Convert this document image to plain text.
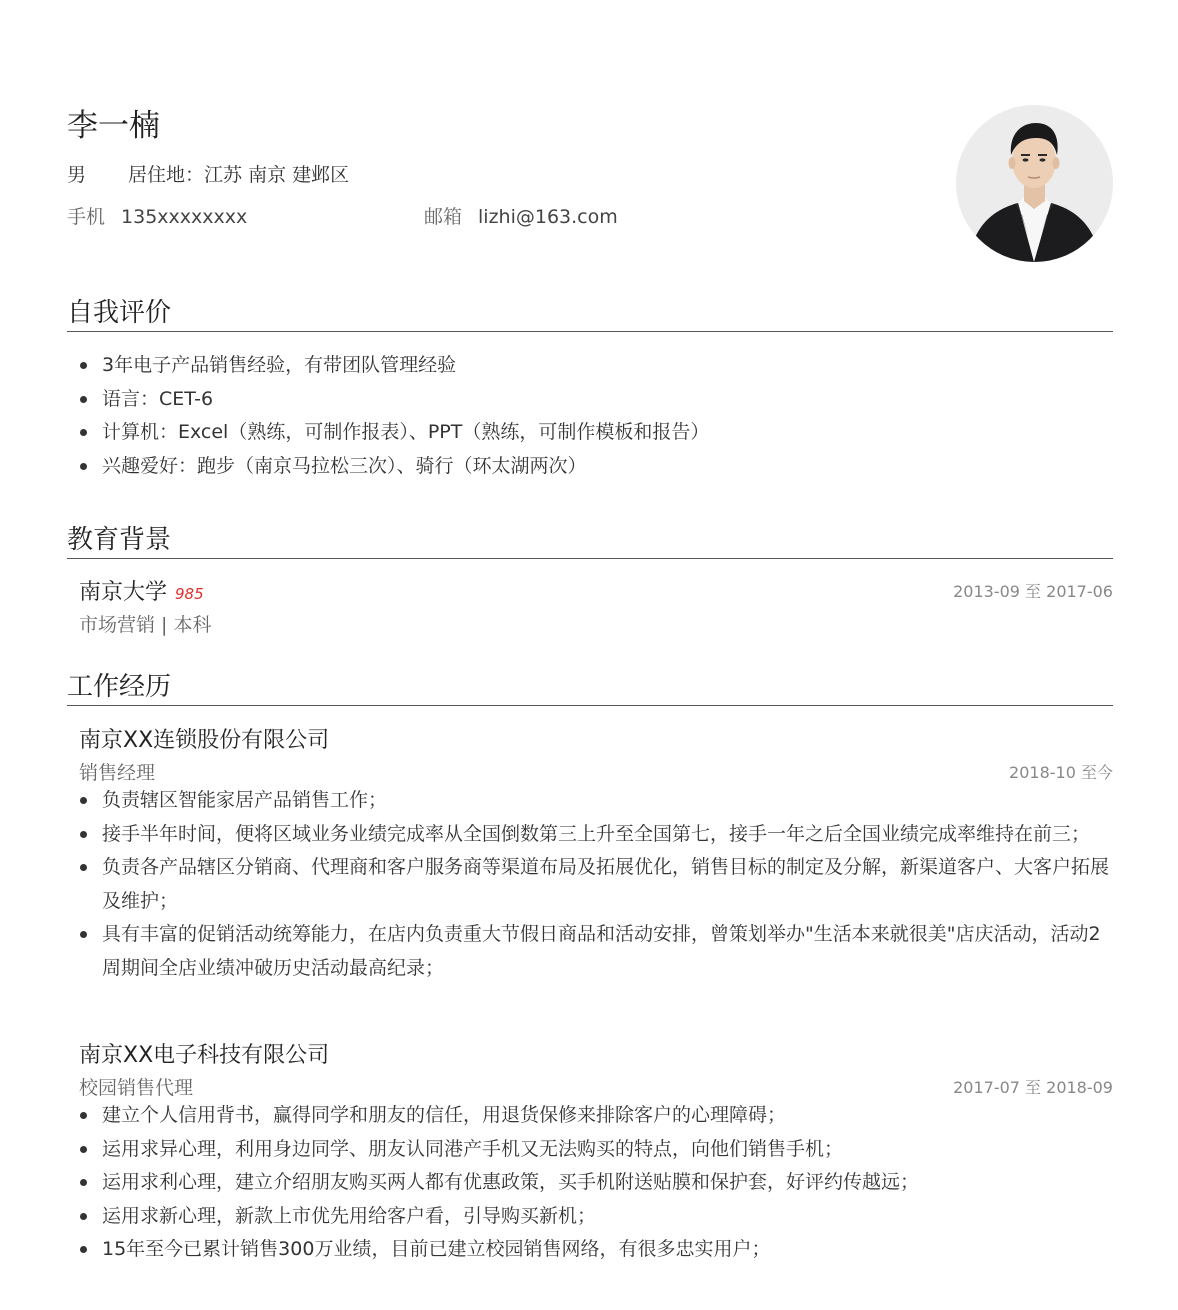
李一楠
男 居住地：江苏 南京 建邺区
手机 135xxxxxxxx	邮箱 lizhi@163.com
自我评价
3年电子产品销售经验，有带团队管理经验
语言：CET-6
计算机：Excel（熟练，可制作报表）、PPT（熟练，可制作模板和报告）
兴趣爱好：跑步（南京马拉松三次）、骑行（环太湖两次）
教育背景
南京大学 985	2013-09 至 2017-06
市场营销 | 本科
工作经历
南京XX连锁股份有限公司
销售经理	2018-10 至今
负责辖区智能家居产品销售工作；
接手半年时间，便将区域业务业绩完成率从全国倒数第三上升至全国第七，接手一年之后全国业绩完成率维持在前三；
负责各产品辖区分销商、代理商和客户服务商等渠道布局及拓展优化，销售目标的制定及分解，新渠道客户、大客户拓展及维护；
具有丰富的促销活动统筹能力，在店内负责重大节假日商品和活动安排，曾策划举办"生活本来就很美"店庆活动，活动2周期间全店业绩冲破历史活动最高纪录；
南京XX电子科技有限公司
校园销售代理	2017-07 至 2018-09
建立个人信用背书，赢得同学和朋友的信任，用退货保修来排除客户的心理障碍；
运用求异心理，利用身边同学、朋友认同港产手机又无法购买的特点，向他们销售手机；
运用求利心理，建立介绍朋友购买两人都有优惠政策，买手机附送贴膜和保护套，好评约传越远；
运用求新心理，新款上市优先用给客户看，引导购买新机；
15年至今已累计销售300万业绩，目前已建立校园销售网络，有很多忠实用户；
